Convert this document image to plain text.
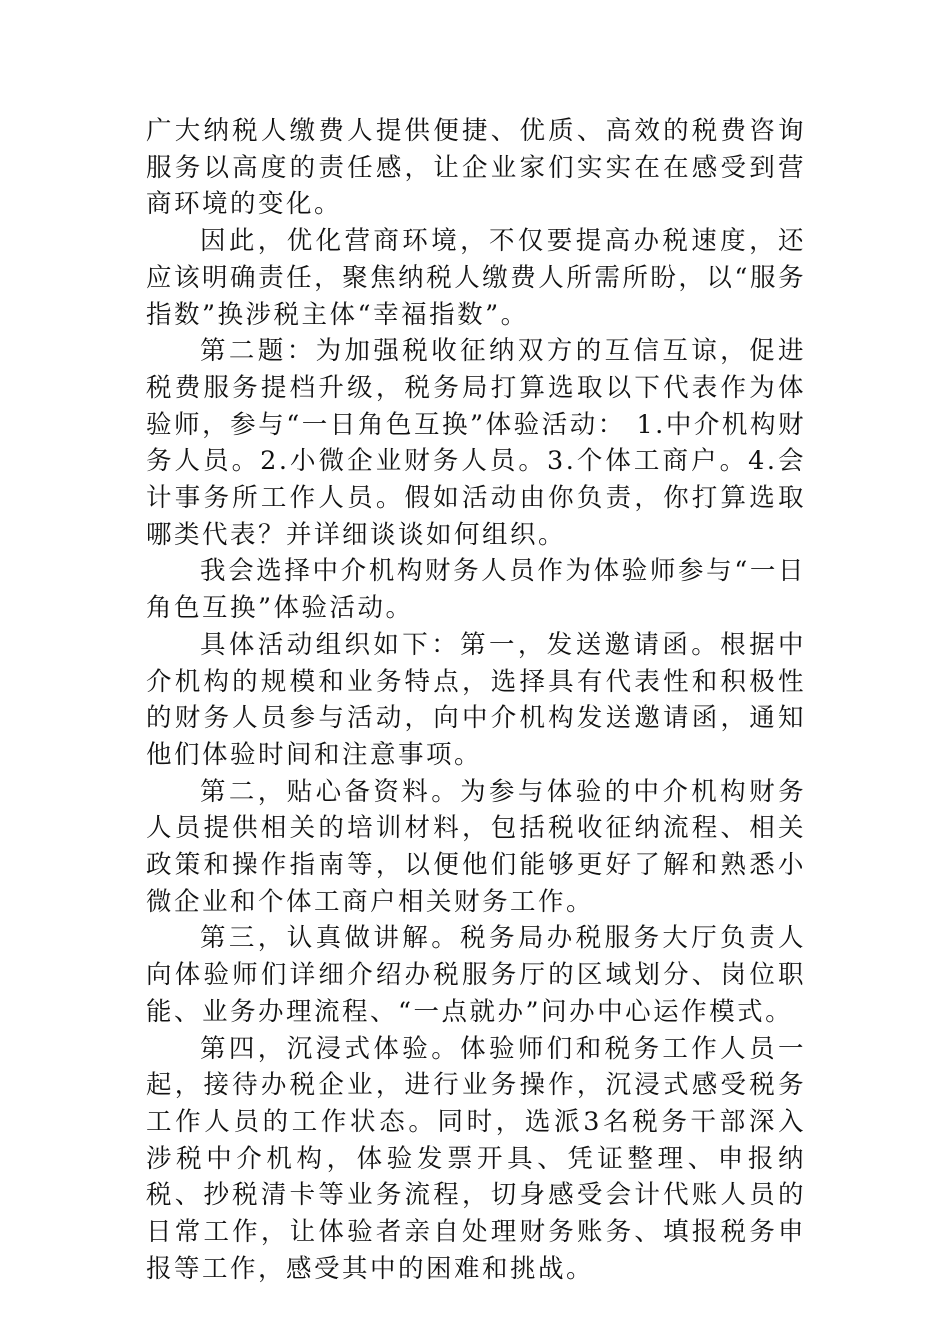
广大纳税人缴费人提供便捷、优质、高效的税费咨询服务以高度的责任感，让企业家们实实在在感受到营商环境的变化。

因此，优化营商环境，不仅要提高办税速度，还应该明确责任，聚焦纳税人缴费人所需所盼，以“服务指数”换涉税主体“幸福指数”。

第二题：为加强税收征纳双方的互信互谅，促进税费服务提档升级，税务局打算选取以下代表作为体验师，参与“一日角色互换”体验活动： 1.中介机构财务人员。2.小微企业财务人员。3.个体工商户。4.会计事务所工作人员。假如活动由你负责，你打算选取哪类代表？并详细谈谈如何组织。

我会选择中介机构财务人员作为体验师参与“一日角色互换”体验活动。

具体活动组织如下：第一，发送邀请函。根据中介机构的规模和业务特点，选择具有代表性和积极性的财务人员参与活动，向中介机构发送邀请函，通知他们体验时间和注意事项。

第二，贴心备资料。为参与体验的中介机构财务人员提供相关的培训材料，包括税收征纳流程、相关政策和操作指南等，以便他们能够更好了解和熟悉小微企业和个体工商户相关财务工作。

第三，认真做讲解。税务局办税服务大厅负责人向体验师们详细介绍办税服务厅的区域划分、岗位职能、业务办理流程、“一点就办”问办中心运作模式。

第四，沉浸式体验。体验师们和税务工作人员一起，接待办税企业，进行业务操作，沉浸式感受税务工作人员的工作状态。同时，选派3名税务干部深入涉税中介机构，体验发票开具、凭证整理、申报纳税、抄税清卡等业务流程，切身感受会计代账人员的日常工作，让体验者亲自处理财务账务、填报税务申报等工作，感受其中的困难和挑战。
